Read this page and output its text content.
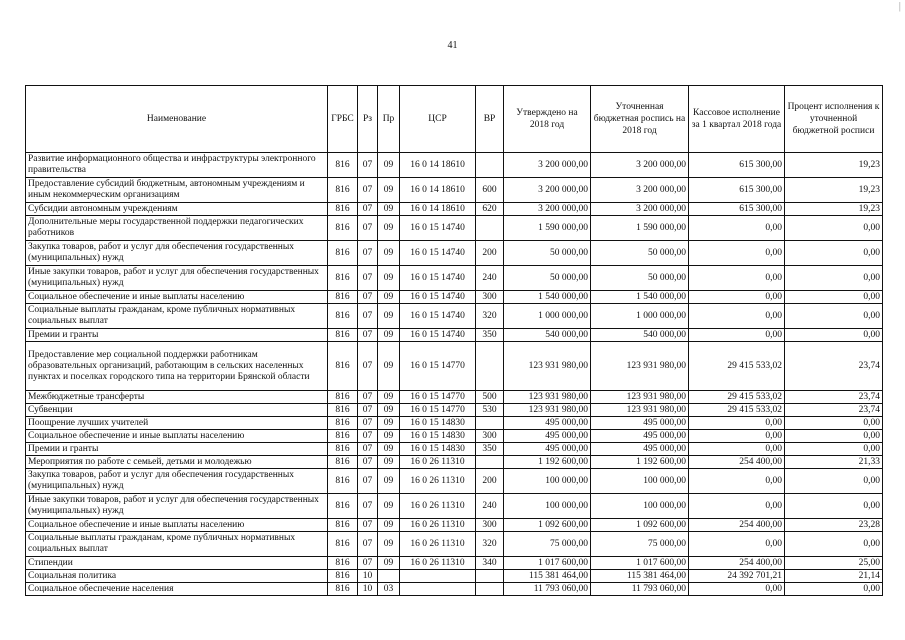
|
41
Наименование	ГРБС	Рз	Пр	ЦСР	ВР	Утверждено на 2018 год	Уточненная бюджетная роспись на 2018 год	Кассовое исполнение за 1 квартал 2018 года	Процент исполнения к уточненной бюджетной росписи
Развитие информационного общества и инфраструктуры электронного правительства	816	07	09	16 0 14 18610		3 200 000,00	3 200 000,00	615 300,00	19,23
Предоставление субсидий бюджетным, автономным учреждениям и иным некоммерческим организациям	816	07	09	16 0 14 18610	600	3 200 000,00	3 200 000,00	615 300,00	19,23
Субсидии автономным учреждениям	816	07	09	16 0 14 18610	620	3 200 000,00	3 200 000,00	615 300,00	19,23
Дополнительные меры государственной поддержки педагогических работников	816	07	09	16 0 15 14740		1 590 000,00	1 590 000,00	0,00	0,00
Закупка товаров, работ и услуг для обеспечения государственных (муниципальных) нужд	816	07	09	16 0 15 14740	200	50 000,00	50 000,00	0,00	0,00
Иные закупки товаров, работ и услуг для обеспечения государственных (муниципальных) нужд	816	07	09	16 0 15 14740	240	50 000,00	50 000,00	0,00	0,00
Социальное обеспечение и иные выплаты населению	816	07	09	16 0 15 14740	300	1 540 000,00	1 540 000,00	0,00	0,00
Социальные выплаты гражданам, кроме публичных нормативных социальных выплат	816	07	09	16 0 15 14740	320	1 000 000,00	1 000 000,00	0,00	0,00
Премии и гранты	816	07	09	16 0 15 14740	350	540 000,00	540 000,00	0,00	0,00
Предоставление мер социальной поддержки работникам образовательных организаций, работающим в сельских населенных пунктах и поселках городского типа на территории Брянской области	816	07	09	16 0 15 14770		123 931 980,00	123 931 980,00	29 415 533,02	23,74
Межбюджетные трансферты	816	07	09	16 0 15 14770	500	123 931 980,00	123 931 980,00	29 415 533,02	23,74
Субвенции	816	07	09	16 0 15 14770	530	123 931 980,00	123 931 980,00	29 415 533,02	23,74
Поощрение лучших учителей	816	07	09	16 0 15 14830		495 000,00	495 000,00	0,00	0,00
Социальное обеспечение и иные выплаты населению	816	07	09	16 0 15 14830	300	495 000,00	495 000,00	0,00	0,00
Премии и гранты	816	07	09	16 0 15 14830	350	495 000,00	495 000,00	0,00	0,00
Мероприятия по работе с семьей, детьми и молодежью	816	07	09	16 0 26 11310		1 192 600,00	1 192 600,00	254 400,00	21,33
Закупка товаров, работ и услуг для обеспечения государственных (муниципальных) нужд	816	07	09	16 0 26 11310	200	100 000,00	100 000,00	0,00	0,00
Иные закупки товаров, работ и услуг для обеспечения государственных (муниципальных) нужд	816	07	09	16 0 26 11310	240	100 000,00	100 000,00	0,00	0,00
Социальное обеспечение и иные выплаты населению	816	07	09	16 0 26 11310	300	1 092 600,00	1 092 600,00	254 400,00	23,28
Социальные выплаты гражданам, кроме публичных нормативных социальных выплат	816	07	09	16 0 26 11310	320	75 000,00	75 000,00	0,00	0,00
Стипендии	816	07	09	16 0 26 11310	340	1 017 600,00	1 017 600,00	254 400,00	25,00
Социальная политика	816	10				115 381 464,00	115 381 464,00	24 392 701,21	21,14
Социальное обеспечение населения	816	10	03			11 793 060,00	11 793 060,00	0,00	0,00
